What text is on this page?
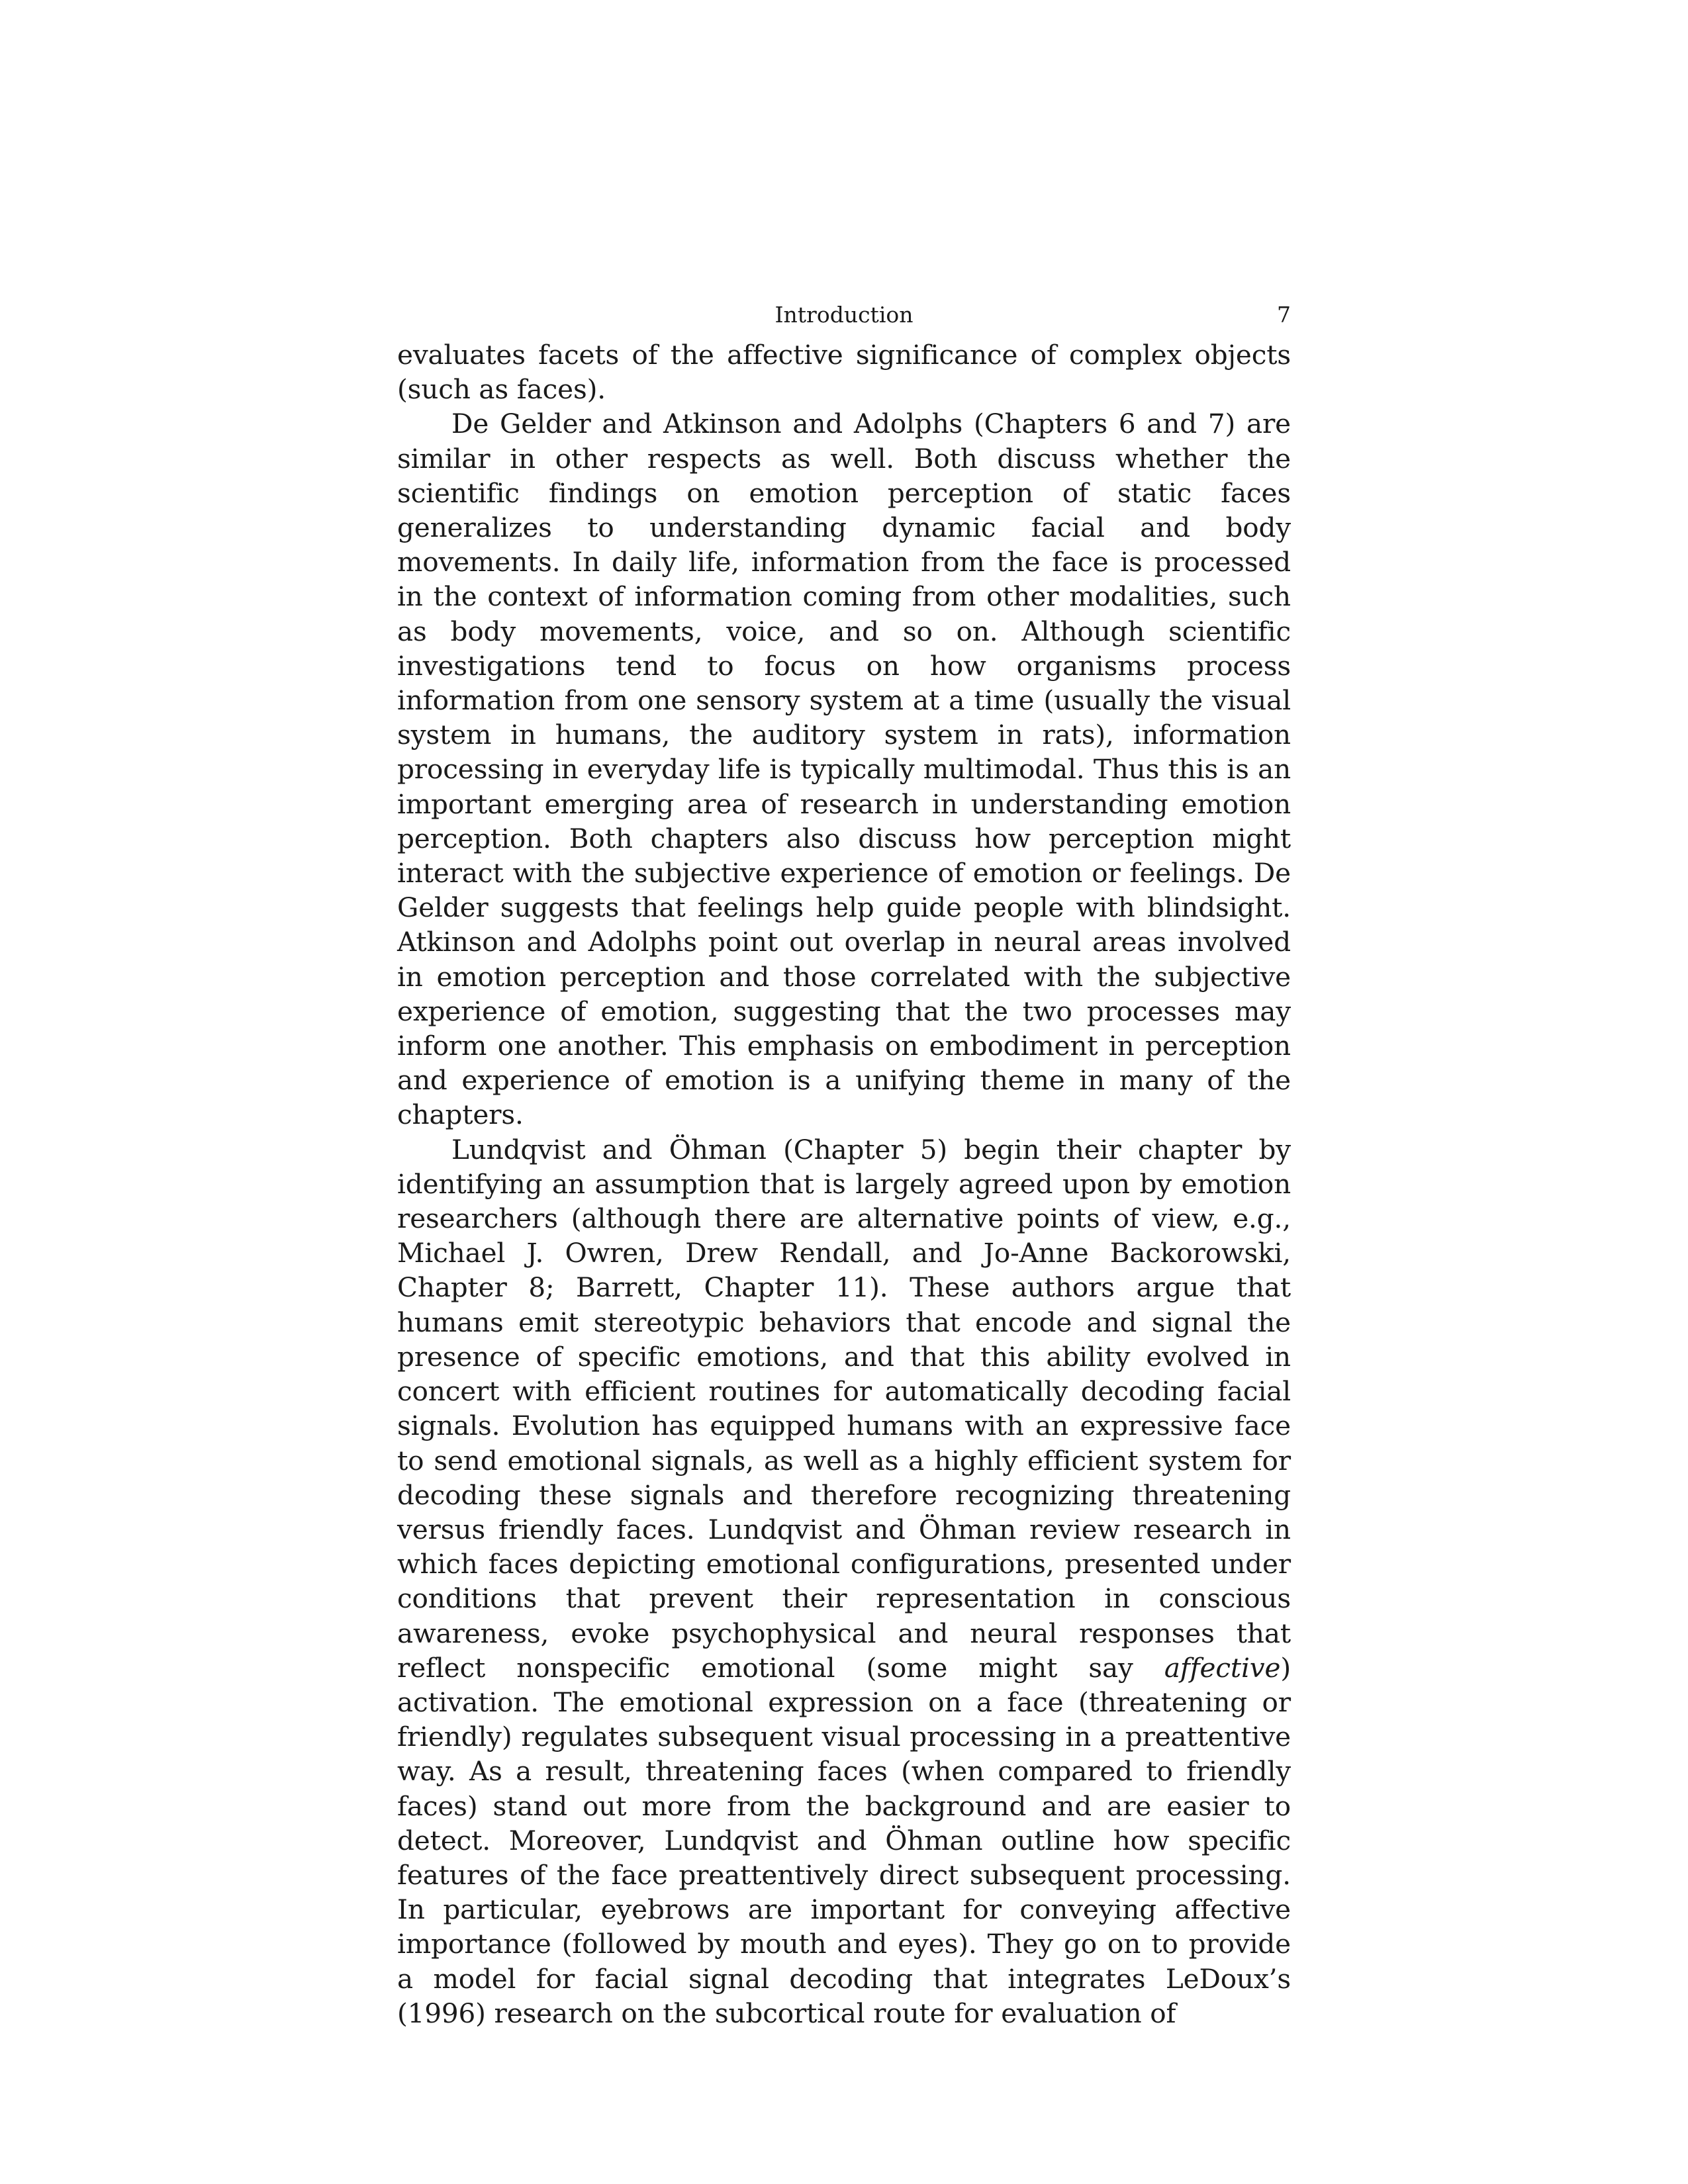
Introduction	7

evaluates facets of the affective significance of complex objects (such as faces).

De Gelder and Atkinson and Adolphs (Chapters 6 and 7) are similar in other respects as well. Both discuss whether the scientific findings on emotion perception of static faces generalizes to understanding dynamic facial and body movements. In daily life, information from the face is processed in the context of information coming from other modalities, such as body movements, voice, and so on. Although scientific investigations tend to focus on how organisms process information from one sensory system at a time (usually the visual system in humans, the auditory system in rats), information processing in everyday life is typically multimodal. Thus this is an important emerging area of research in understanding emotion perception. Both chapters also discuss how perception might interact with the subjective experience of emotion or feelings. De Gelder suggests that feelings help guide people with blindsight. Atkinson and Adolphs point out overlap in neural areas involved in emotion perception and those correlated with the subjective experience of emotion, suggesting that the two processes may inform one another. This emphasis on embodiment in perception and experience of emotion is a unifying theme in many of the chapters.

Lundqvist and Öhman (Chapter 5) begin their chapter by identifying an assumption that is largely agreed upon by emotion researchers (although there are alternative points of view, e.g., Michael J. Owren, Drew Rendall, and Jo-Anne Backorowski, Chapter 8; Barrett, Chapter 11). These authors argue that humans emit stereotypic behaviors that encode and signal the presence of specific emotions, and that this ability evolved in concert with efficient routines for automatically decoding facial signals. Evolution has equipped humans with an expressive face to send emotional signals, as well as a highly efficient system for decoding these signals and therefore recognizing threatening versus friendly faces. Lundqvist and Öhman review research in which faces depicting emotional configurations, presented under conditions that prevent their representation in conscious awareness, evoke psychophysical and neural responses that reflect nonspecific emotional (some might say affective) activation. The emotional expression on a face (threatening or friendly) regulates subsequent visual processing in a preattentive way. As a result, threatening faces (when compared to friendly faces) stand out more from the background and are easier to detect. Moreover, Lundqvist and Öhman outline how specific features of the face preattentively direct subsequent processing. In particular, eyebrows are important for conveying affective importance (followed by mouth and eyes). They go on to provide a model for facial signal decoding that integrates LeDoux’s (1996) research on the subcortical route for evaluation of
